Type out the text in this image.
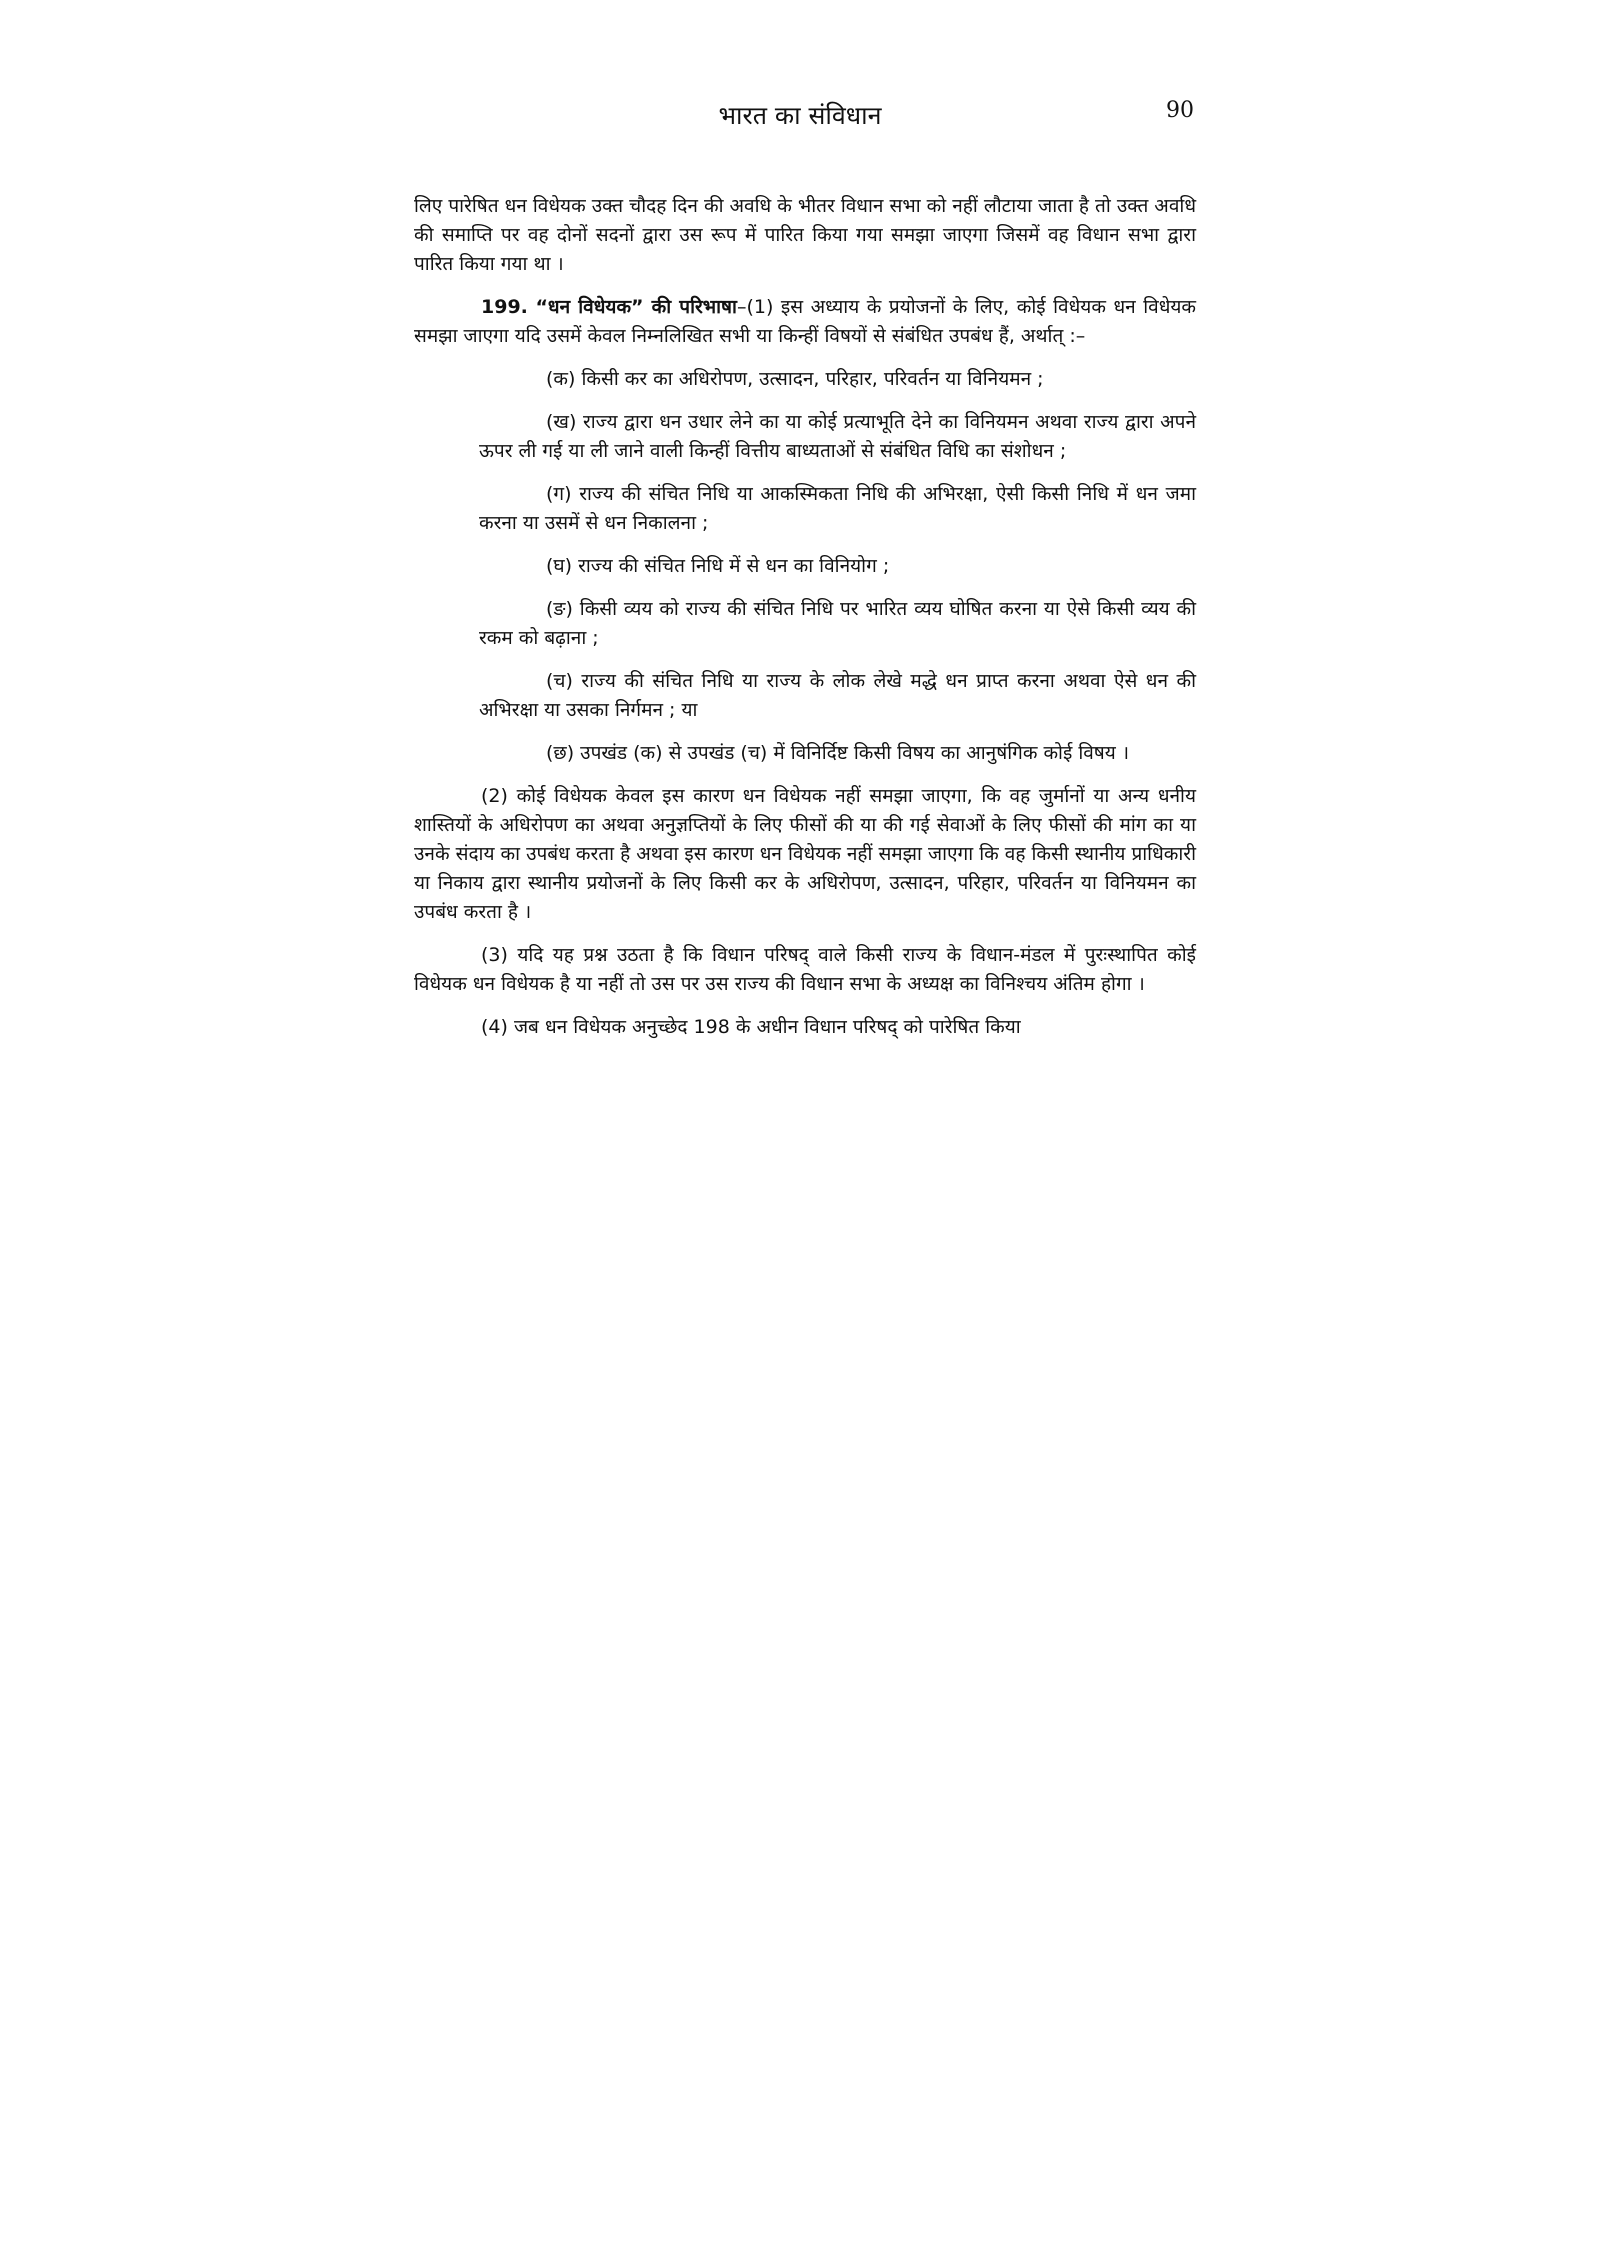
भारत का संविधान	90

लिए पारेषित धन विधेयक उक्त चौदह दिन की अवधि के भीतर विधान सभा को नहीं लौटाया जाता है तो उक्त अवधि की समाप्ति पर वह दोनों सदनों द्वारा उस रूप में पारित किया गया समझा जाएगा जिसमें वह विधान सभा द्वारा पारित किया गया था ।

199. “धन विधेयक” की परिभाषा–(1) इस अध्याय के प्रयोजनों के लिए, कोई विधेयक धन विधेयक समझा जाएगा यदि उसमें केवल निम्नलिखित सभी या किन्हीं विषयों से संबंधित उपबंध हैं, अर्थात् :–

(क) किसी कर का अधिरोपण, उत्सादन, परिहार, परिवर्तन या विनियमन ;

(ख) राज्य द्वारा धन उधार लेने का या कोई प्रत्याभूति देने का विनियमन अथवा राज्य द्वारा अपने ऊपर ली गई या ली जाने वाली किन्हीं वित्तीय बाध्यताओं से संबंधित विधि का संशोधन ;

(ग) राज्य की संचित निधि या आकस्मिकता निधि की अभिरक्षा, ऐसी किसी निधि में धन जमा करना या उसमें से धन निकालना ;

(घ) राज्य की संचित निधि में से धन का विनियोग ;

(ङ) किसी व्यय को राज्य की संचित निधि पर भारित व्यय घोषित करना या ऐसे किसी व्यय की रकम को बढ़ाना ;

(च) राज्य की संचित निधि या राज्य के लोक लेखे मद्धे धन प्राप्त करना अथवा ऐसे धन की अभिरक्षा या उसका निर्गमन ; या

(छ) उपखंड (क) से उपखंड (च) में विनिर्दिष्ट किसी विषय का आनुषंगिक कोई विषय ।

(2) कोई विधेयक केवल इस कारण धन विधेयक नहीं समझा जाएगा, कि वह जुर्मानों या अन्य धनीय शास्तियों के अधिरोपण का अथवा अनुज्ञप्तियों के लिए फीसों की या की गई सेवाओं के लिए फीसों की मांग का या उनके संदाय का उपबंध करता है अथवा इस कारण धन विधेयक नहीं समझा जाएगा कि वह किसी स्थानीय प्राधिकारी या निकाय द्वारा स्थानीय प्रयोजनों के लिए किसी कर के अधिरोपण, उत्सादन, परिहार, परिवर्तन या विनियमन का उपबंध करता है ।

(3) यदि यह प्रश्न उठता है कि विधान परिषद् वाले किसी राज्य के विधान-मंडल में पुरःस्थापित कोई विधेयक धन विधेयक है या नहीं तो उस पर उस राज्य की विधान सभा के अध्यक्ष का विनिश्चय अंतिम होगा ।

(4) जब धन विधेयक अनुच्छेद 198 के अधीन विधान परिषद् को पारेषित किया
